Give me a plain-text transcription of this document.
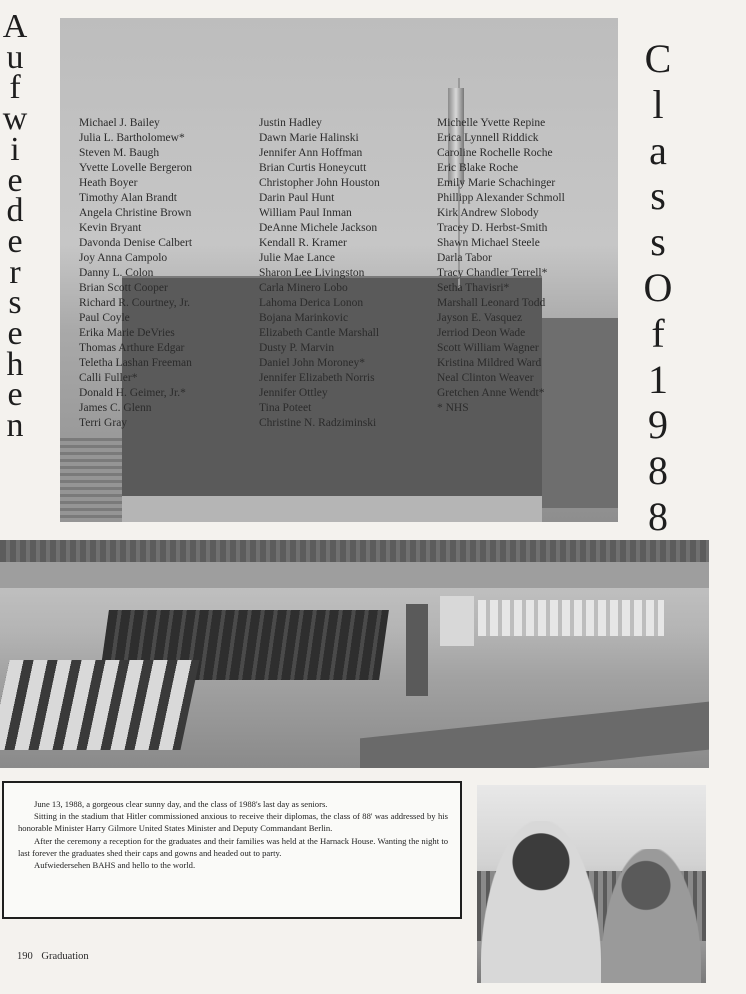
A
u
f
w
i
e
d
e
r
s
e
h
e
n
C
l
a
s
s
O
f
1
9
8
8
Michael J. Bailey
Julia L. Bartholomew*
Steven M. Baugh
Yvette Lovelle Bergeron
Heath Boyer
Timothy Alan Brandt
Angela Christine Brown
Kevin Bryant
Davonda Denise Calbert
Joy Anna Campolo
Danny L. Colon
Brian Scott Cooper
Richard R. Courtney, Jr.
Paul Coyle
Erika Marie DeVries
Thomas Arthure Edgar
Teletha Lashan Freeman
Calli Fuller*
Donald H. Geimer, Jr.*
James C. Glenn
Terri Gray
Justin Hadley
Dawn Marie Halinski
Jennifer Ann Hoffman
Brian Curtis Honeycutt
Christopher John Houston
Darin Paul Hunt
William Paul Inman
DeAnne Michele Jackson
Kendall R. Kramer
Julie Mae Lance
Sharon Lee Livingston
Carla Minero Lobo
Lahoma Derica Lonon
Bojana Marinkovic
Elizabeth Cantle Marshall
Dusty P. Marvin
Daniel John Moroney*
Jennifer Elizabeth Norris
Jennifer Ottley
Tina Poteet
Christine N. Radziminski
Michelle Yvette Repine
Erica Lynnell Riddick
Caroline Rochelle Roche
Eric Blake Roche
Emily Marie Schachinger
Phillipp Alexander Schmoll
Kirk Andrew Slobody
Tracey D. Herbst-Smith
Shawn Michael Steele
Darla Tabor
Tracy Chandler Terrell*
Setha Thavisri*
Marshall Leonard Todd
Jayson E. Vasquez
Jerriod Deon Wade
Scott William Wagner
Kristina Mildred Ward
Neal Clinton Weaver
Gretchen Anne Wendt*
* NHS

June 13, 1988, a gorgeous clear sunny day, and the class of 1988's last day as seniors.

Sitting in the stadium that Hitler commissioned anxious to receive their diplomas, the class of 88' was addressed by his honorable Minister Harry Gilmore United States Minister and Deputy Commandant Berlin.

After the ceremony a reception for the graduates and their families was held at the Harnack House. Wanting the night to last forever the graduates shed their caps and gowns and headed out to party.

Aufwiedersehen BAHS and hello to the world.

190 Graduation
